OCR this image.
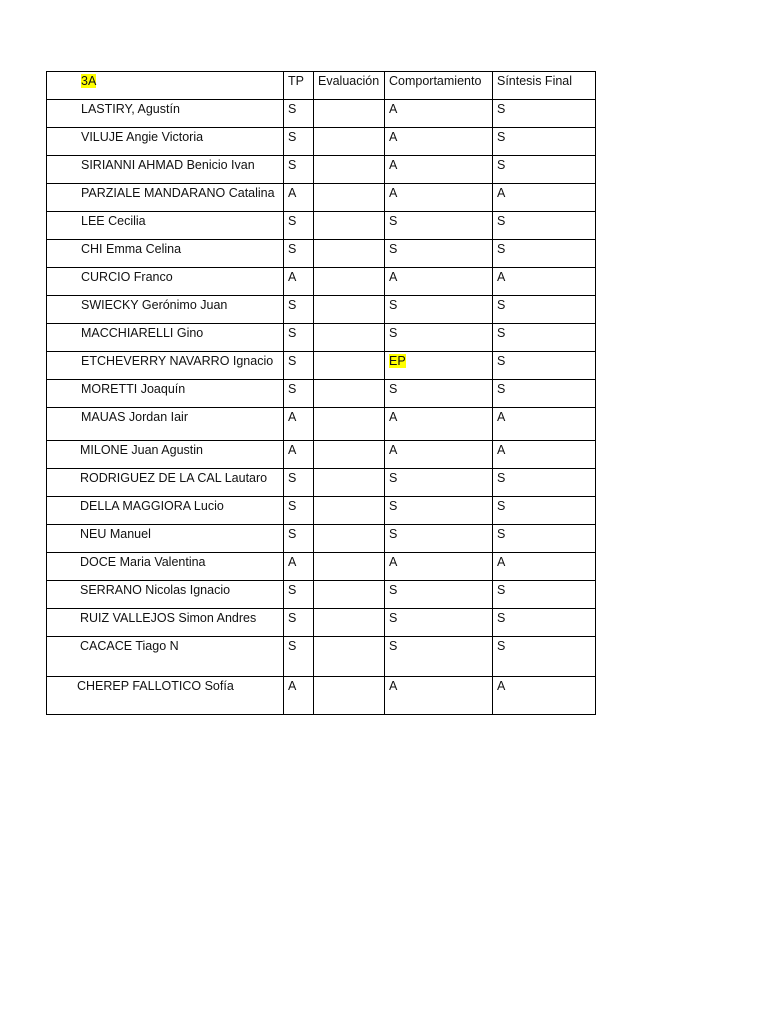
3A	TP	Evaluación	Comportamiento	Síntesis Final
LASTIRY, Agustín	S		A	S
VILUJE Angie Victoria	S		A	S
SIRIANNI AHMAD Benicio Ivan	S		A	S
PARZIALE MANDARANO Catalina	A		A	A
LEE Cecilia	S		S	S
CHI Emma Celina	S		S	S
CURCIO Franco	A		A	A
SWIECKY Gerónimo Juan	S		S	S
MACCHIARELLI Gino	S		S	S
ETCHEVERRY NAVARRO Ignacio	S		EP	S
MORETTI Joaquín	S		S	S
MAUAS Jordan Iair	A		A	A
MILONE Juan Agustin	A		A	A
RODRIGUEZ DE LA CAL Lautaro	S		S	S
DELLA MAGGIORA Lucio	S		S	S
NEU Manuel	S		S	S
DOCE Maria Valentina	A		A	A
SERRANO Nicolas Ignacio	S		S	S
RUIZ VALLEJOS Simon Andres	S		S	S
CACACE Tiago N	S		S	S
CHEREP FALLOTICO Sofía	A		A	A
